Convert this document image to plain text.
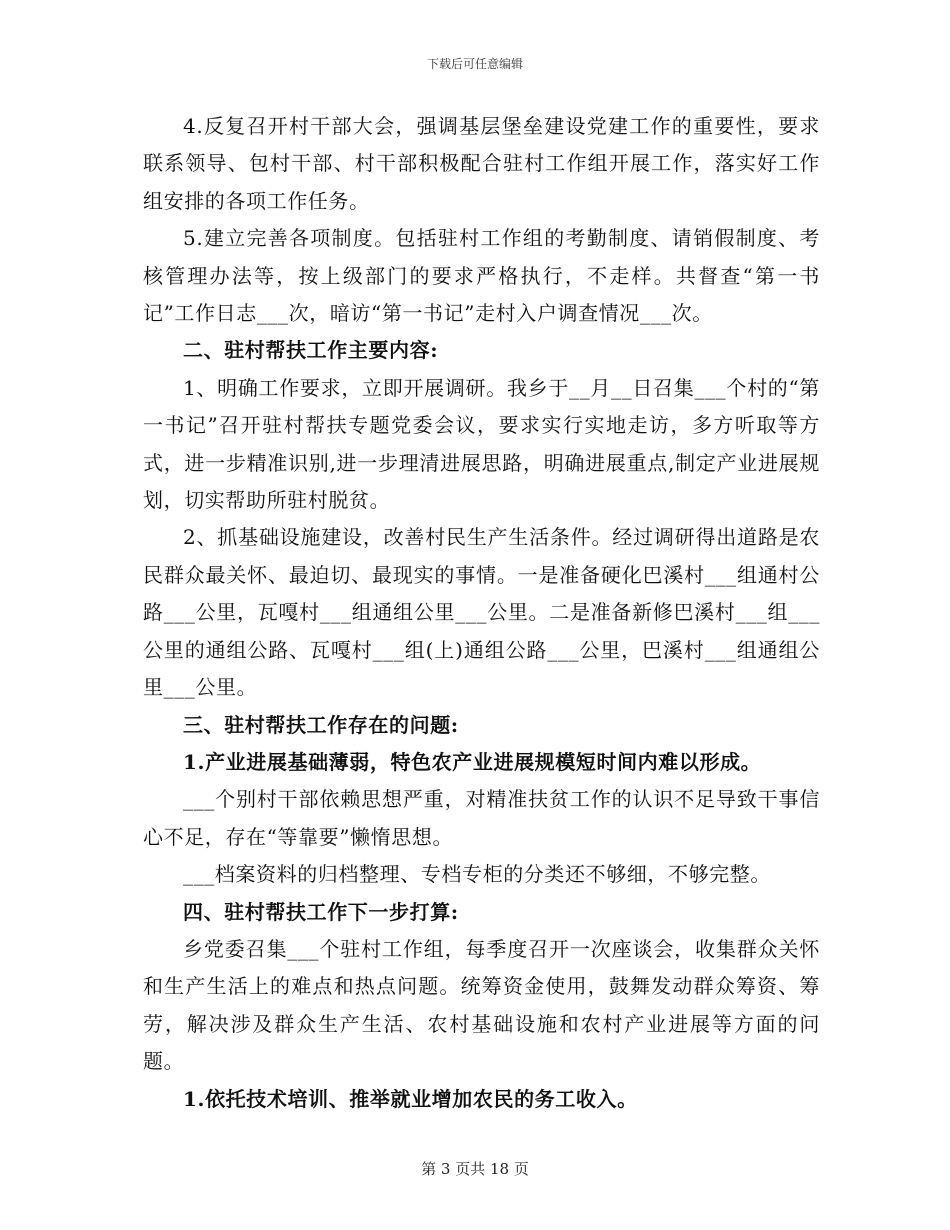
下载后可任意编辑

4.反复召开村干部大会，强调基层堡垒建设党建工作的重要性，要求联系领导、包村干部、村干部积极配合驻村工作组开展工作，落实好工作组安排的各项工作任务。

5.建立完善各项制度。包括驻村工作组的考勤制度、请销假制度、考核管理办法等，按上级部门的要求严格执行，不走样。共督查“第一书记”工作日志___次，暗访“第一书记”走村入户调查情况___次。

二、驻村帮扶工作主要内容:

1、明确工作要求，立即开展调研。我乡于__月__日召集___个村的“第一书记”召开驻村帮扶专题党委会议，要求实行实地走访，多方听取等方式，进一步精准识别,进一步理清进展思路，明确进展重点,制定产业进展规划，切实帮助所驻村脱贫。

2、抓基础设施建设，改善村民生产生活条件。经过调研得出道路是农民群众最关怀、最迫切、最现实的事情。一是准备硬化巴溪村___组通村公路___公里，瓦嘎村___组通组公里___公里。二是准备新修巴溪村___组___公里的通组公路、瓦嘎村___组(上)通组公路___公里，巴溪村___组通组公里___公里。

三、驻村帮扶工作存在的问题:

1.产业进展基础薄弱，特色农产业进展规模短时间内难以形成。

___个别村干部依赖思想严重，对精准扶贫工作的认识不足导致干事信心不足，存在“等靠要”懒惰思想。

___档案资料的归档整理、专档专柜的分类还不够细，不够完整。

四、驻村帮扶工作下一步打算:

乡党委召集___个驻村工作组，每季度召开一次座谈会，收集群众关怀和生产生活上的难点和热点问题。统筹资金使用，鼓舞发动群众筹资、筹劳，解决涉及群众生产生活、农村基础设施和农村产业进展等方面的问题。

1.依托技术培训、推举就业增加农民的务工收入。

第 3 页共 18 页
